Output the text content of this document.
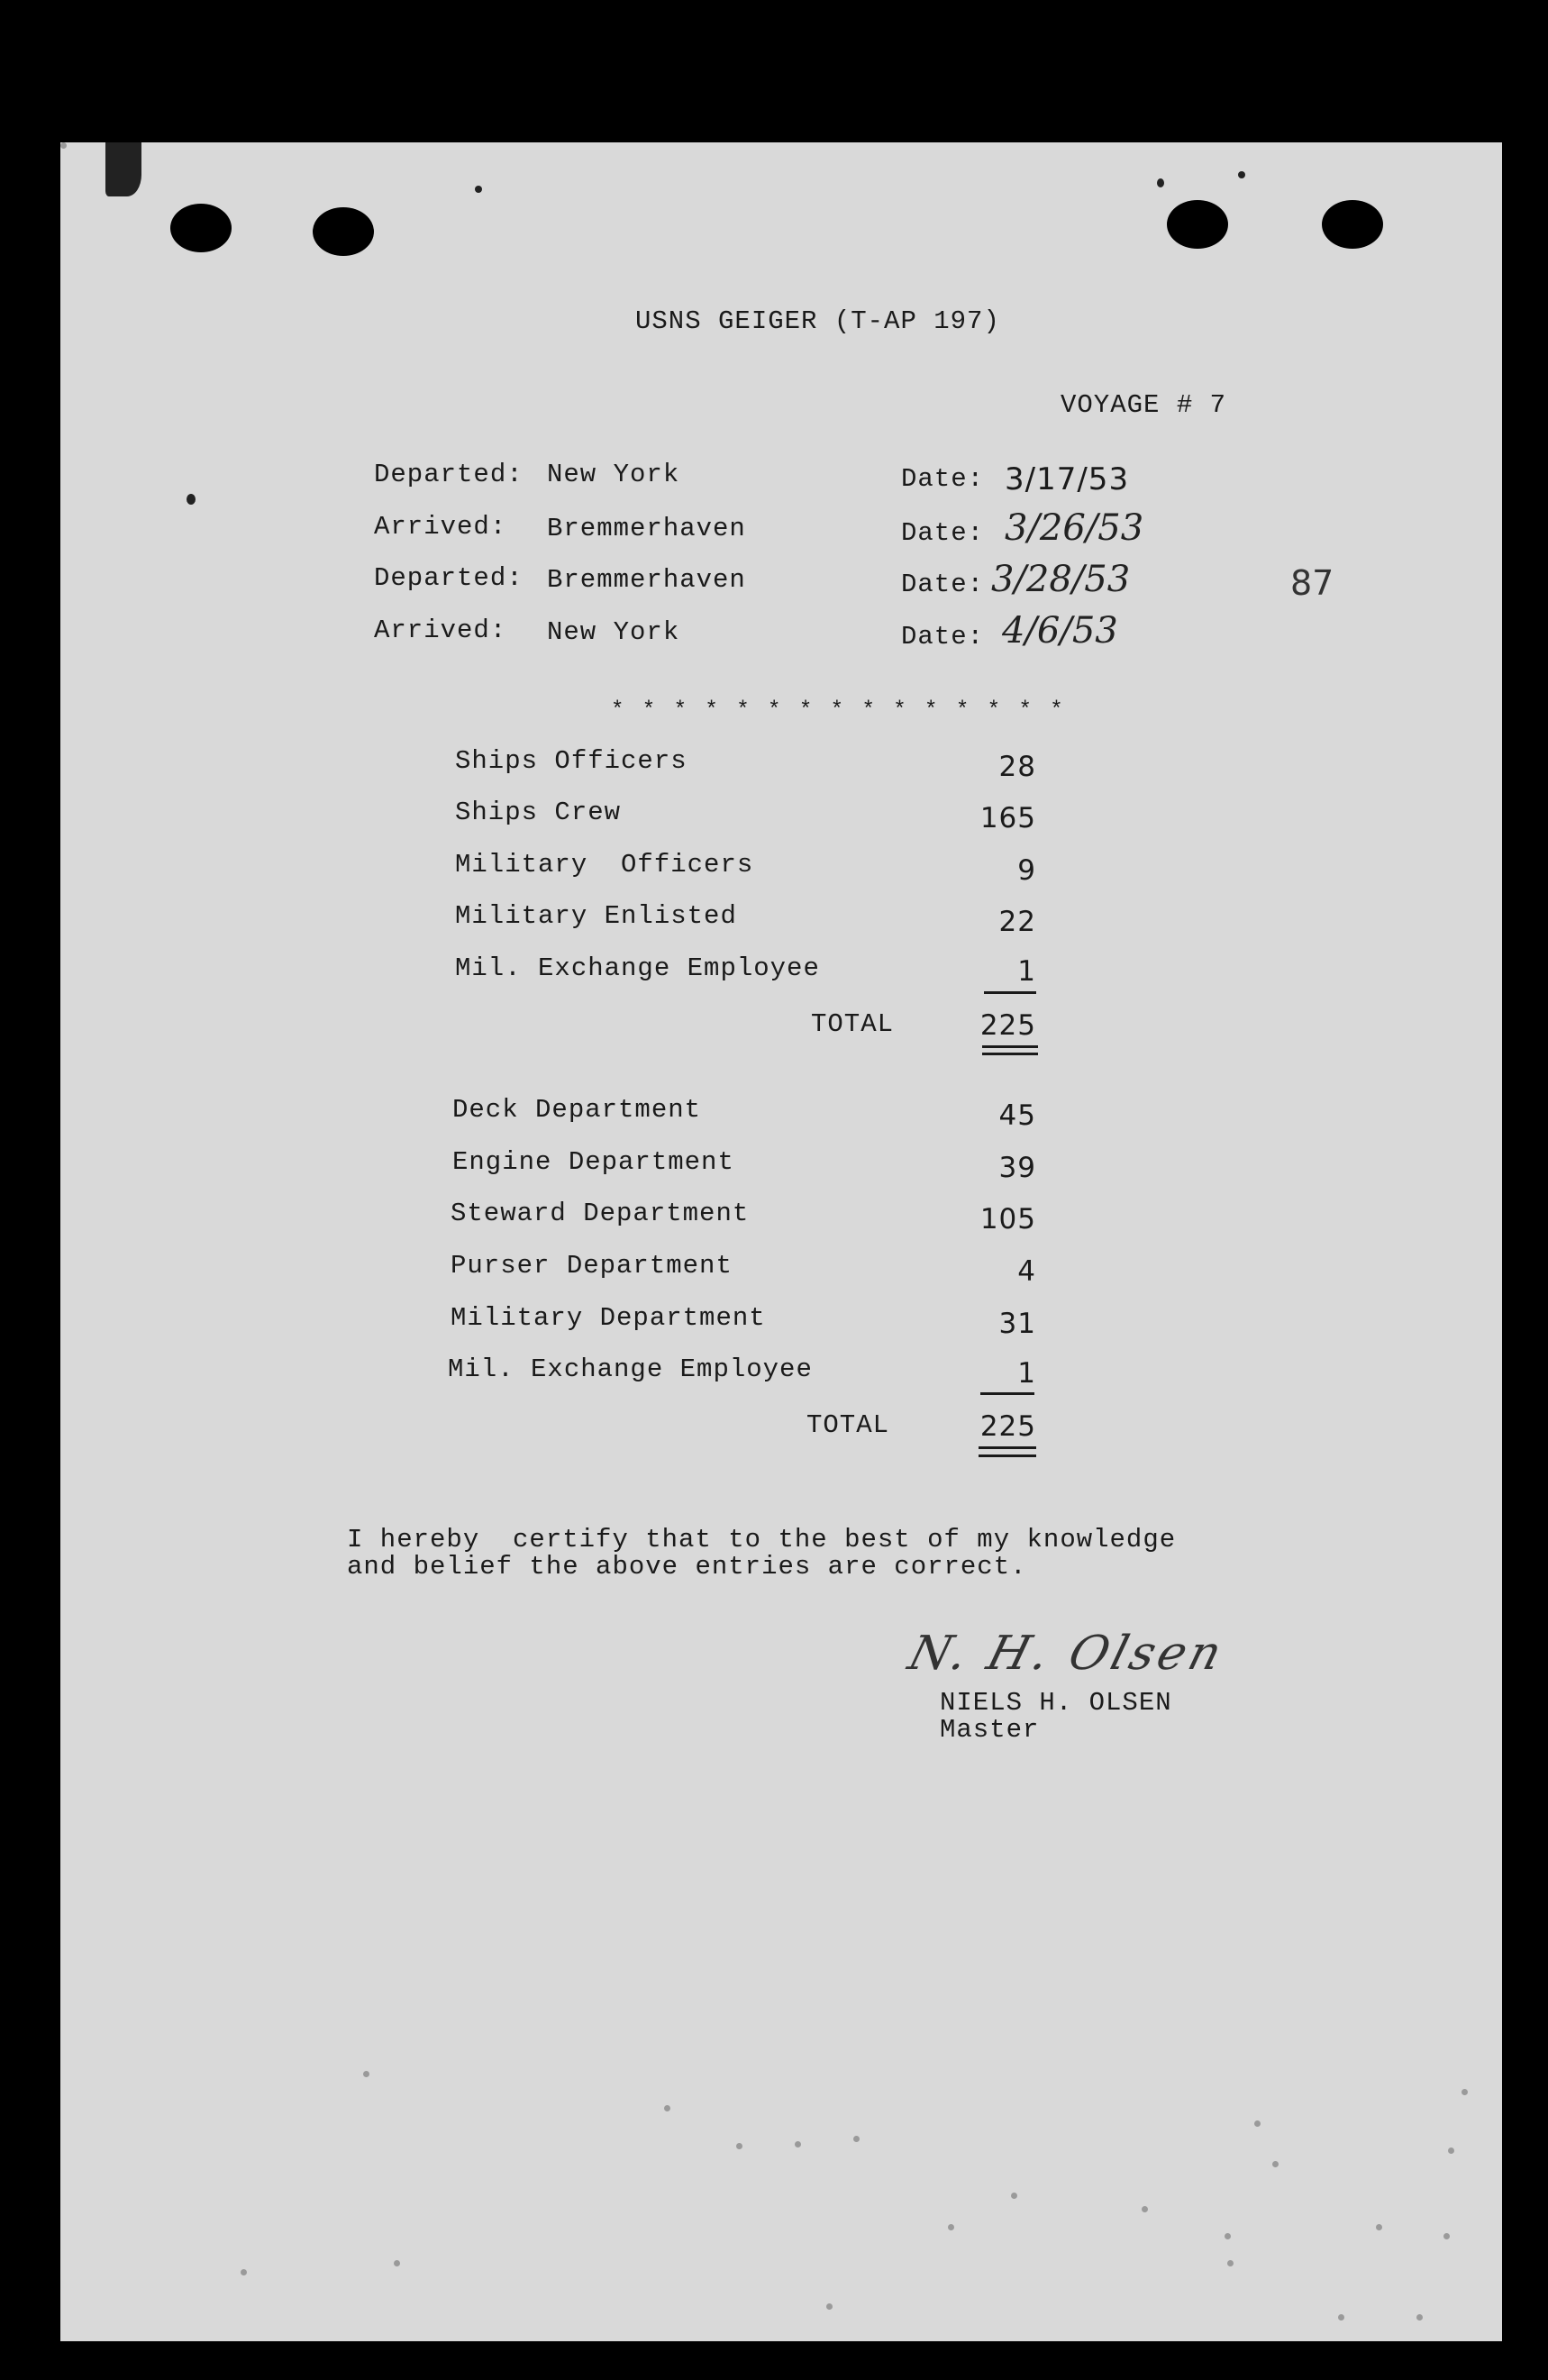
USNS GEIGER (T-AP 197)
VOYAGE # 7
87
Departed: New York	Date: 3/17/53
Arrived: Bremmerhaven	Date: 3/26/53
Departed: Bremmerhaven	Date: 3/28/53
Arrived: New York	Date: 4/6/53
* * * * * * * * * * * * * * *
Ships Officers	28
Ships Crew	165
Military  Officers	9
Military Enlisted	22
Mil. Exchange Employee	1
TOTAL	225
Deck Department	45
Engine Department	39
Steward Department	105
Purser Department	4
Military Department	31
Mil. Exchange Employee	1
TOTAL	225
I hereby  certify that to the best of my knowledge
and belief the above entries are correct.
N. H. Olsen
NIELS H. OLSEN
Master
